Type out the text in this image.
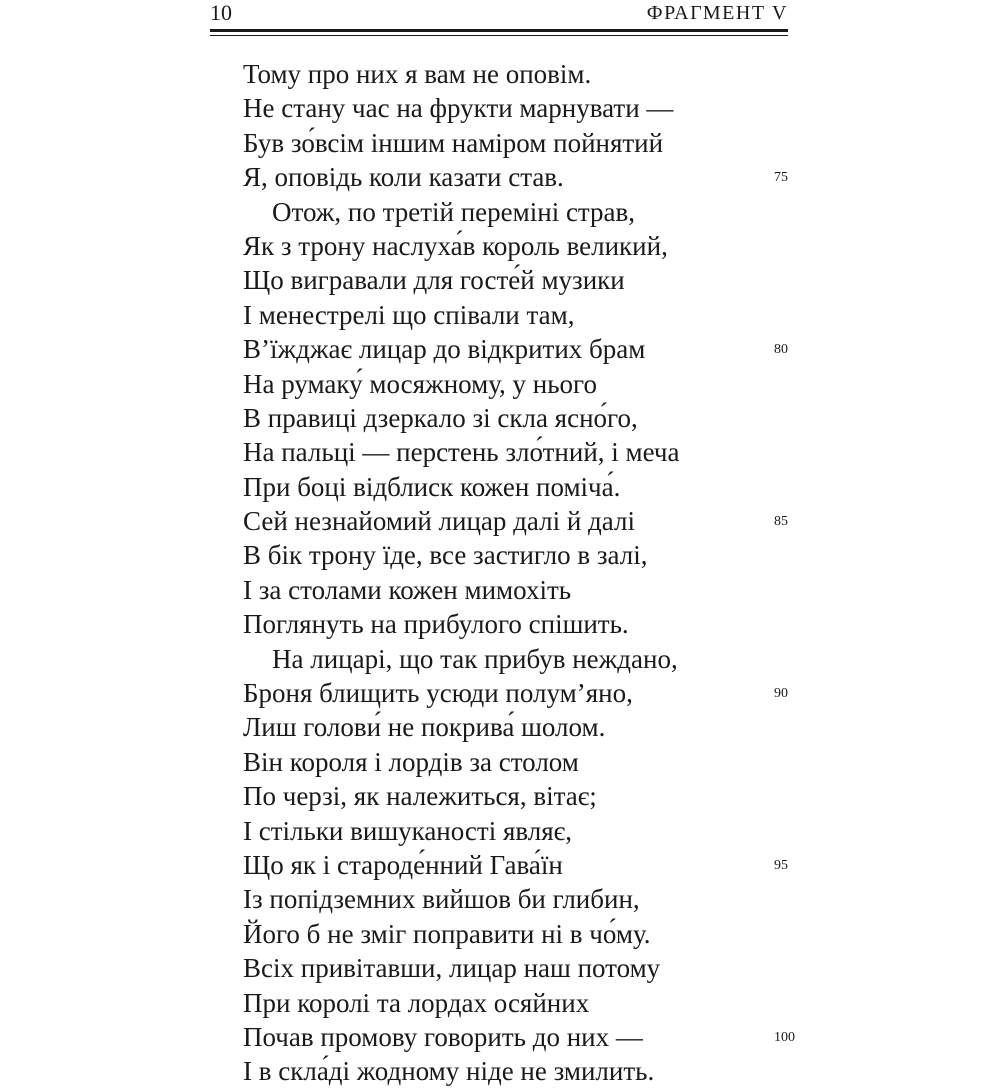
10	ФРАГМЕНТ V
Тому про них я вам не оповім.
Не стану час на фрукти марнувати —
Був зо́всім іншим наміром пойнятий
Я, оповідь коли казати став.	75
Отож, по третій переміні страв,
Як з трону наслуха́в король великий,
Що вигравали для госте́й музики
І менестрелі що співали там,
В’їжджає лицар до відкритих брам	80
На румаку́ мосяжному, у нього
В правиці дзеркало зі скла ясно́го,
На пальці — перстень зло́тний, і меча
При боці відблиск кожен поміча́.
Сей незнайомий лицар далі й далі	85
В бік трону їде, все застигло в залі,
І за столами кожен мимохіть
Поглянуть на прибулого спішить.
На лицарі, що так прибув неждано,
Броня блищить усюди полум’яно,	90
Лиш голови́ не покрива́ шолом.
Він короля і лордів за столом
По черзі, як належиться, вітає;
І стільки вишуканості являє,
Що як і староде́нний Гава́їн	95
Із попідземних вийшов би глибин,
Його б не зміг поправити ні в чо́му.
Всіх привітавши, лицар наш потому
При королі та лордах осяйних
Почав промову говорить до них —	100
І в скла́ді жодному ніде не змилить.
